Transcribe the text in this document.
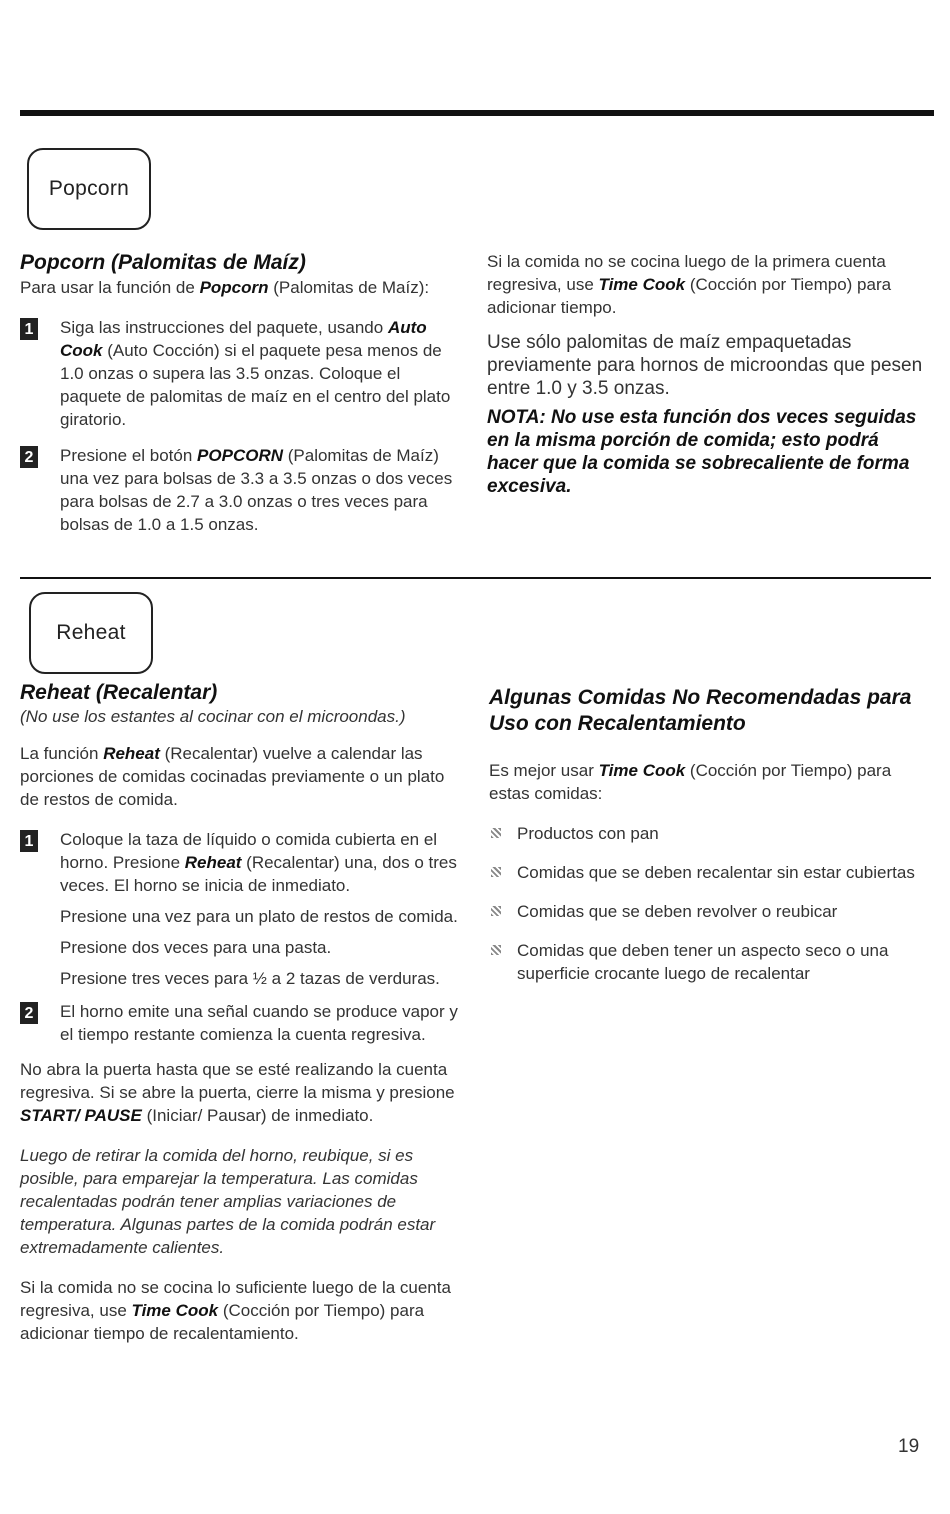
Popcorn
Popcorn (Palomitas de Maíz)

Para usar la función de Popcorn (Palomitas de Maíz):

1 Siga las instrucciones del paquete, usando Auto Cook (Auto Cocción) si el paquete pesa menos de 1.0 onzas o supera las 3.5 onzas. Coloque el paquete de palomitas de maíz en el centro del plato giratorio.
2 Presione el botón POPCORN (Palomitas de Maíz) una vez para bolsas de 3.3 a 3.5 onzas o dos veces para bolsas de 2.7 a 3.0 onzas o tres veces para bolsas de 1.0 a 1.5 onzas.

Si la comida no se cocina luego de la primera cuenta regresiva, use Time Cook (Cocción por Tiempo) para adicionar tiempo.

Use sólo palomitas de maíz empaquetadas previamente para hornos de microondas que pesen entre 1.0 y 3.5 onzas.

NOTA: No use esta función dos veces seguidas en la misma porción de comida; esto podrá hacer que la comida se sobrecaliente de forma excesiva.

Reheat
Reheat (Recalentar)

(No use los estantes al cocinar con el microondas.)

La función Reheat (Recalentar) vuelve a calendar las porciones de comidas cocinadas previamente o un plato de restos de comida.

1 Coloque la taza de líquido o comida cubierta en el horno. Presione Reheat (Recalentar) una, dos o tres veces. El horno se inicia de inmediato.

Presione una vez para un plato de restos de comida.

Presione dos veces para una pasta.

Presione tres veces para ½ a 2 tazas de verduras.

2 El horno emite una señal cuando se produce vapor y el tiempo restante comienza la cuenta regresiva.

No abra la puerta hasta que se esté realizando la cuenta regresiva. Si se abre la puerta, cierre la misma y presione START/ PAUSE (Iniciar/ Pausar) de inmediato.

Luego de retirar la comida del horno, reubique, si es posible, para emparejar la temperatura. Las comidas recalentadas podrán tener amplias variaciones de temperatura. Algunas partes de la comida podrán estar extremadamente calientes.

Si la comida no se cocina lo suficiente luego de la cuenta regresiva, use Time Cook (Cocción por Tiempo) para adicionar tiempo de recalentamiento.

Algunas Comidas No Recomendadas para Uso con Recalentamiento

Es mejor usar Time Cook (Cocción por Tiempo) para estas comidas:

Productos con pan
Comidas que se deben recalentar sin estar cubiertas
Comidas que se deben revolver o reubicar
Comidas que deben tener un aspecto seco o una superficie crocante luego de recalentar
19
